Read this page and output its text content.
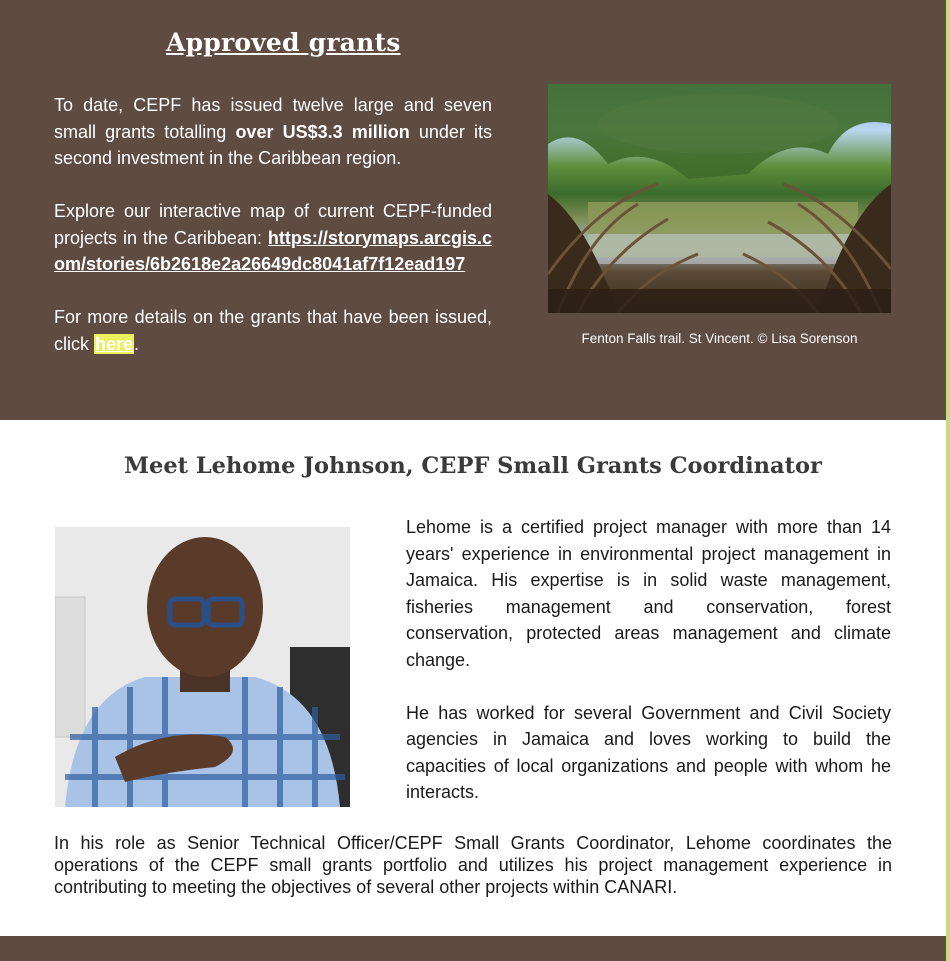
Approved grants

To date, CEPF has issued twelve large and seven small grants totalling over US$3.3 million under its second investment in the Caribbean region.

Explore our interactive map of current CEPF-funded projects in the Caribbean: https://storymaps.arcgis.com/stories/6b2618e2a26649dc8041af7f12ead197

For more details on the grants that have been issued, click here.	Fenton Falls trail. St Vincent. © Lisa Sorenson
Meet Lehome Johnson, CEPF Small Grants Coordinator

Lehome is a certified project manager with more than 14 years' experience in environmental project management in Jamaica. His expertise is in solid waste management, fisheries management and conservation, forest conservation, protected areas management and climate change.

He has worked for several Government and Civil Society agencies in Jamaica and loves working to build the capacities of local organizations and people with whom he interacts.

In his role as Senior Technical Officer/CEPF Small Grants Coordinator, Lehome coordinates the operations of the CEPF small grants portfolio and utilizes his project management experience in contributing to meeting the objectives of several other projects within CANARI.
